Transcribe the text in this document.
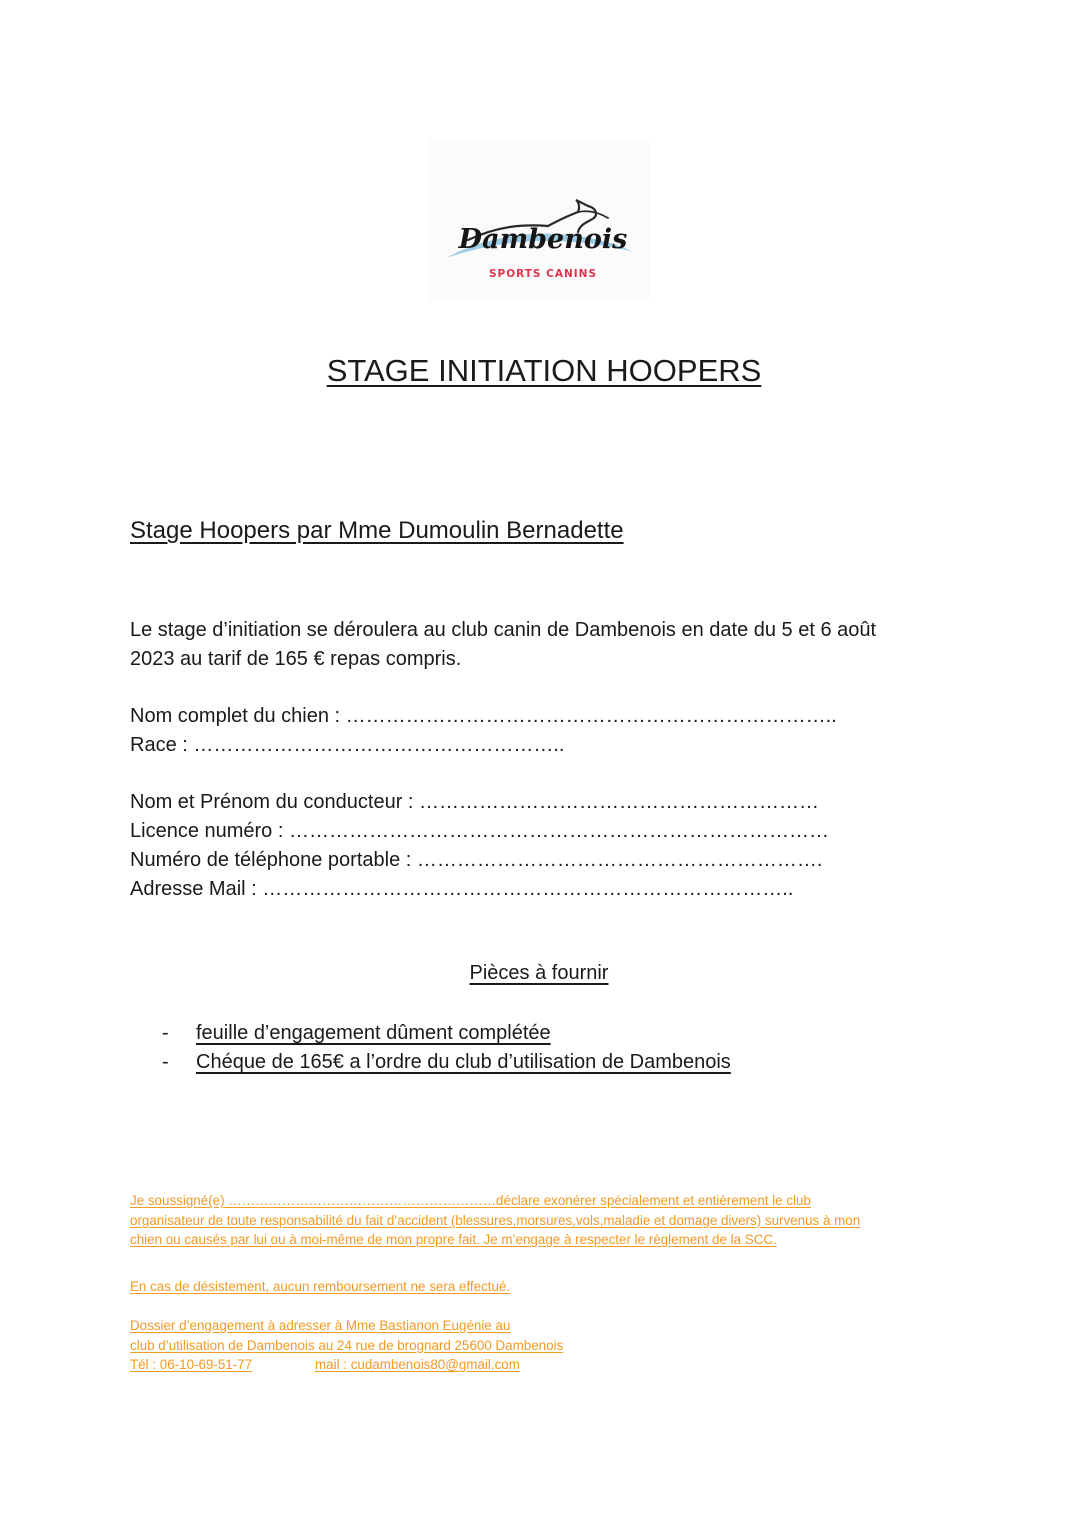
Dambenois
SPORTS CANINS
STAGE INITIATION HOOPERS
Stage Hoopers par Mme Dumoulin Bernadette
Le stage d’initiation se déroulera au club canin de Dambenois en date du 5 et 6 août
2023 au tarif de 165 € repas compris.
Nom complet du chien : ………………………………………………………………..
Race : ………………………………………………..
Nom et Prénom du conducteur : ……………………………………………………
Licence numéro : ………………………………………………………………………
Numéro de téléphone portable : …………………………………………………….
Adresse Mail : ……………………………………………………………………..
Pièces à fournir
-	feuille d’engagement dûment complétée
-	Chéque de 165€ a l’ordre du club d’utilisation de Dambenois
Je soussigné(e) ……………………………………………………déclare exonérer spécialement et entièrement le club
organisateur de toute responsabilité du fait d’accident (blessures,morsures,vols,maladie et domage divers) survenus à mon
chien ou causés par lui ou à moi-même de mon propre fait. Je m’engage à respecter le règlement de la SCC.
En cas de désistement, aucun remboursement ne sera effectué.
Dossier d’engagement à adresser à Mme Bastianon Eugénie au
club d’utilisation de Dambenois au 24 rue de brognard 25600 Dambenois
Tél : 06-10-69-51-77	mail : cudambenois80@gmail.com
